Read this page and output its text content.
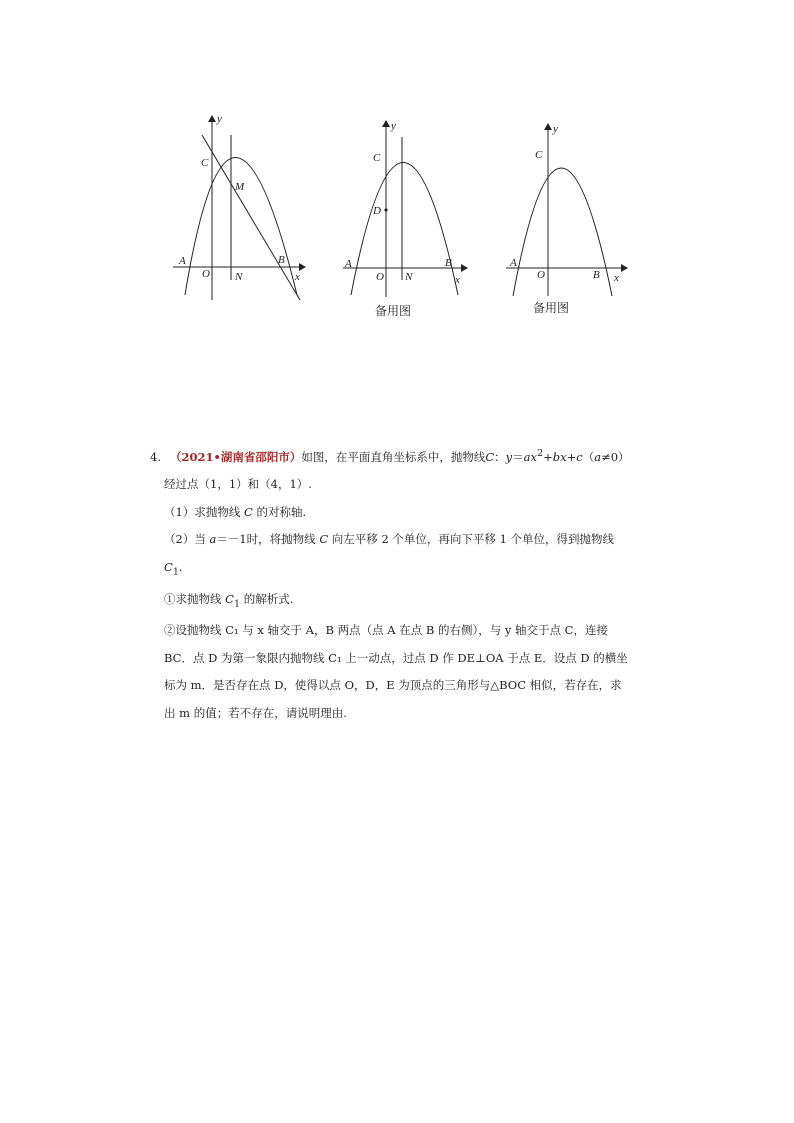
y
x
C
M
A
O N
B
y
x
C
D
A
O N
B
备用图
y
x
C
A
O	B
备用图

4. （2021•湖南省邵阳市）如图，在平面直角坐标系中，抛物线C：$y=ax^2+bx+c(a\ne 0)$

经过点（1，1）和（4，1）.

（1）求抛物线 C 的对称轴.

（2）当 a＝－1时，将抛物线 C 向左平移 2 个单位，再向下平移 1 个单位，得到抛物线

$C_1$.

①求抛物线 $C_1$ 的解析式.

②设抛物线 C₁ 与 x 轴交于 A，B 两点（点 A 在点 B 的右侧），与 y 轴交于点 C，连接

BC．点 D 为第一象限内抛物线 C₁ 上一动点，过点 D 作 DE⊥OA 于点 E．设点 D 的横坐

标为 m．是否存在点 D，使得以点 O，D，E 为顶点的三角形与△BOC 相似，若存在，求

出 m 的值；若不存在，请说明理由.
